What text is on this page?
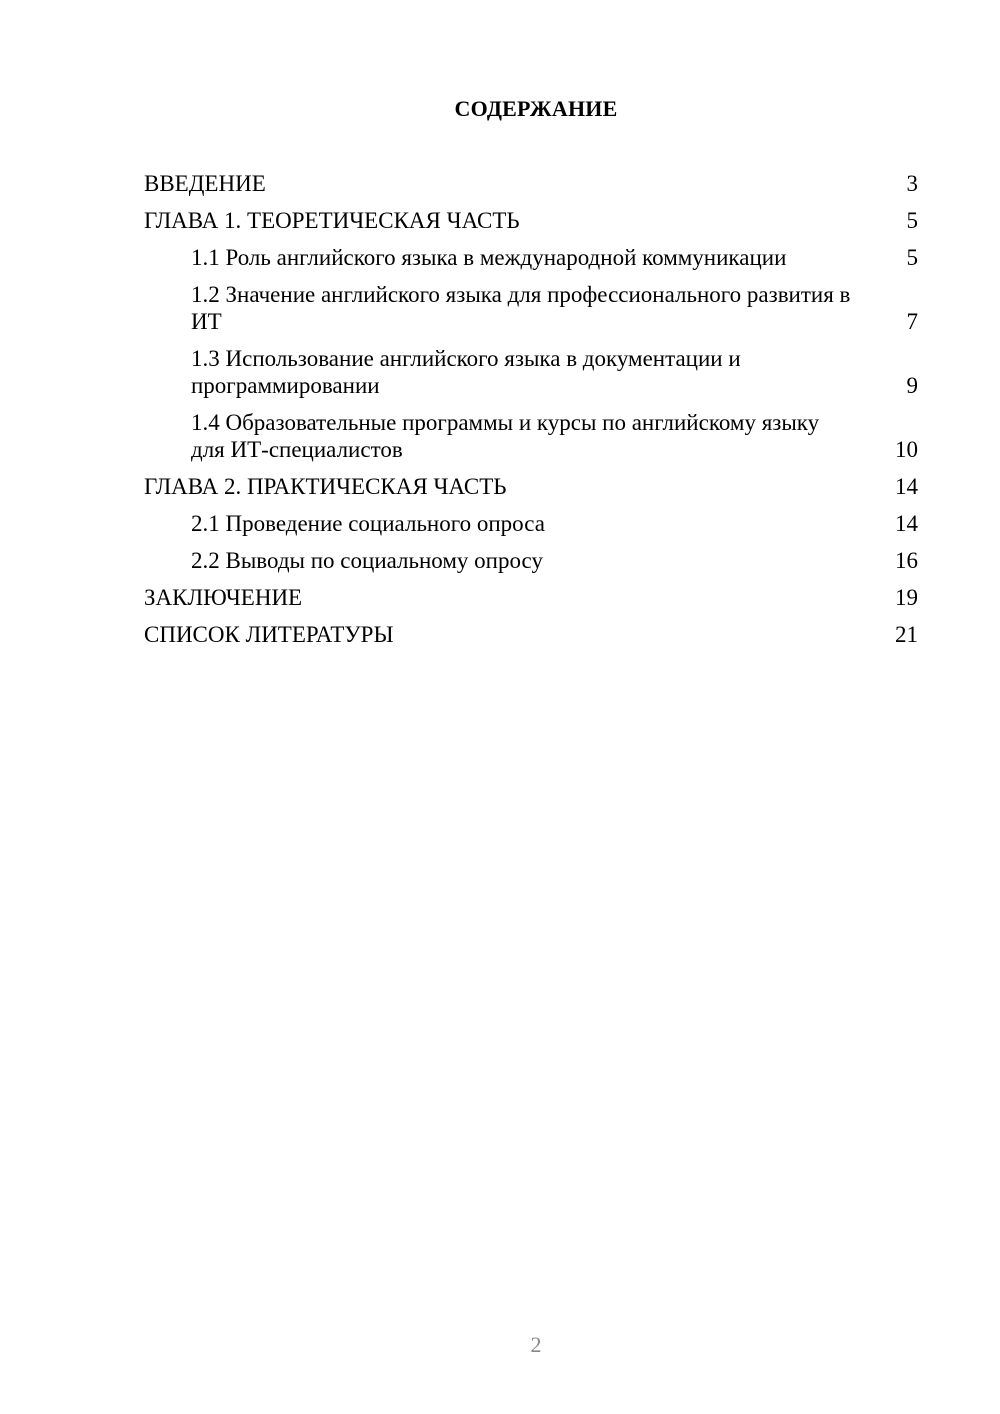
СОДЕРЖАНИЕ
ВВЕДЕНИЕ	3
ГЛАВА 1. ТЕОРЕТИЧЕСКАЯ ЧАСТЬ	5
1.1 Роль английского языка в международной коммуникации	5
1.2 Значение английского языка для профессионального развития в ИТ	7
1.3 Использование английского языка в документации и программировании	9
1.4 Образовательные программы и курсы по английскому языку для ИТ-специалистов	10
ГЛАВА 2. ПРАКТИЧЕСКАЯ ЧАСТЬ	14
2.1 Проведение социального опроса	14
2.2 Выводы по социальному опросу	16
ЗАКЛЮЧЕНИЕ	19
СПИСОК ЛИТЕРАТУРЫ	21
2
